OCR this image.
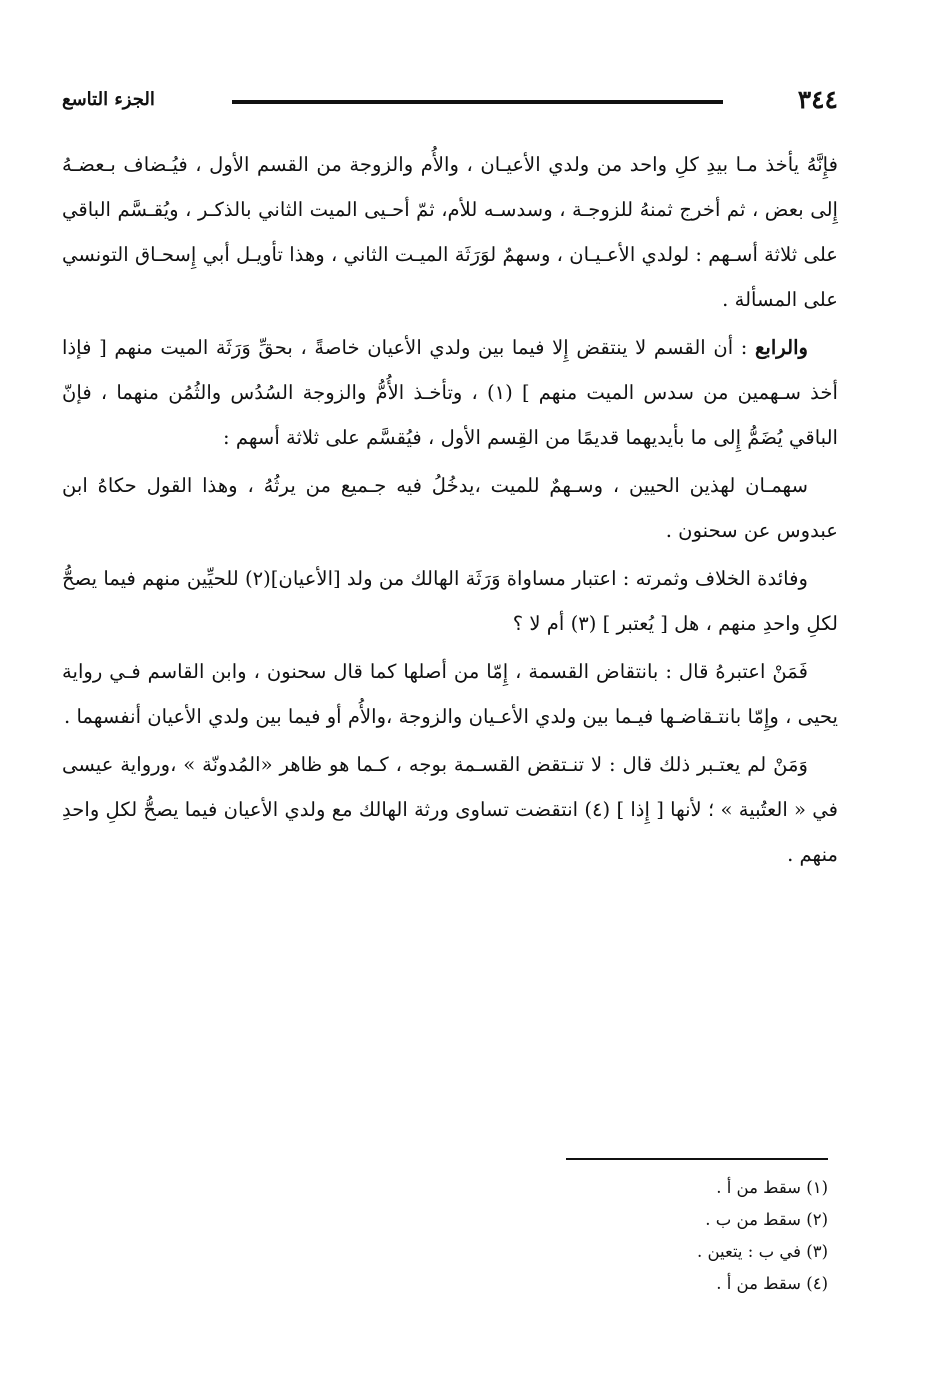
٣٤٤
الجزء التاسع

فإِنَّهُ يأخذ مـا بيدِ كلِ واحد من ولدي الأعيـان ، والأُم والزوجة من القسم الأول ، فيُـضاف بـعضـهُ إِلى بعض ، ثم أخرج ثمنهُ للزوجـة ، وسدسـه للأم، ثمّ أحـيى الميت الثاني بالذكـر ، ويُقـسَّم الباقي على ثلاثة أسـهم : لولدي الأعـيـان ، وسهمٌ لوَرَثَة الميـت الثاني ، وهذا تأويـل أبي إِسحـاق التونسي على المسألة .

والرابع : أن القسم لا ينتقض إِلا فيما بين ولدي الأعيان خاصةً ، بحقِّ وَرَثَة الميت منهم [ فإذا أخذ سـهمين من سدس الميت منهم ] (١) ، وتأخـذ الأُمُّ والزوجة السُدُس والثُمُن منهما ، فإنّ الباقي يُضَمُّ إِلى ما بأيديهما قديمًا من القِسم الأول ، فيُقسَّم على ثلاثة أسهم :

سهمـان لهذين الحيين ، وسـهمٌ للميت ،يدخُلُ فيه جـميع من يرثُهُ ، وهذا القول حكاهُ ابن عبدوس عن سحنون .

وفائدة الخلاف وثمرته : اعتبار مساواة وَرَثَة الهالك من ولد [الأعيان](٢) للحيِّين منهم فيما يصحُّ لكلِ واحدِ منهم ، هل [ يُعتبر ] (٣) أم لا ؟

فَمَنْ اعتبرهُ قال : بانتقاض القسمة ، إِمّا من أصلها كما قال سحنون ، وابن القاسم فـي رواية يحيى ، وإِمّا بانتـقاضـها فيـما بين ولدي الأعـيان والزوجة ،والأُم أو فيما بين ولدي الأعيان أنفسهما .

وَمَنْ لم يعتـبر ذلك قال : لا تنـتقض القسـمة بوجه ، كـما هو ظاهر «المُدونّة » ،ورواية عيسى في « العتُبية » ؛ لأنها [ إِذا ] (٤) انتقضت تساوى ورثة الهالك مع ولدي الأعيان فيما يصحُّ لكلِ واحدِ منهم .

(١) سقط من أ .

(٢) سقط من ب .

(٣) في ب : يتعين .

(٤) سقط من أ .
